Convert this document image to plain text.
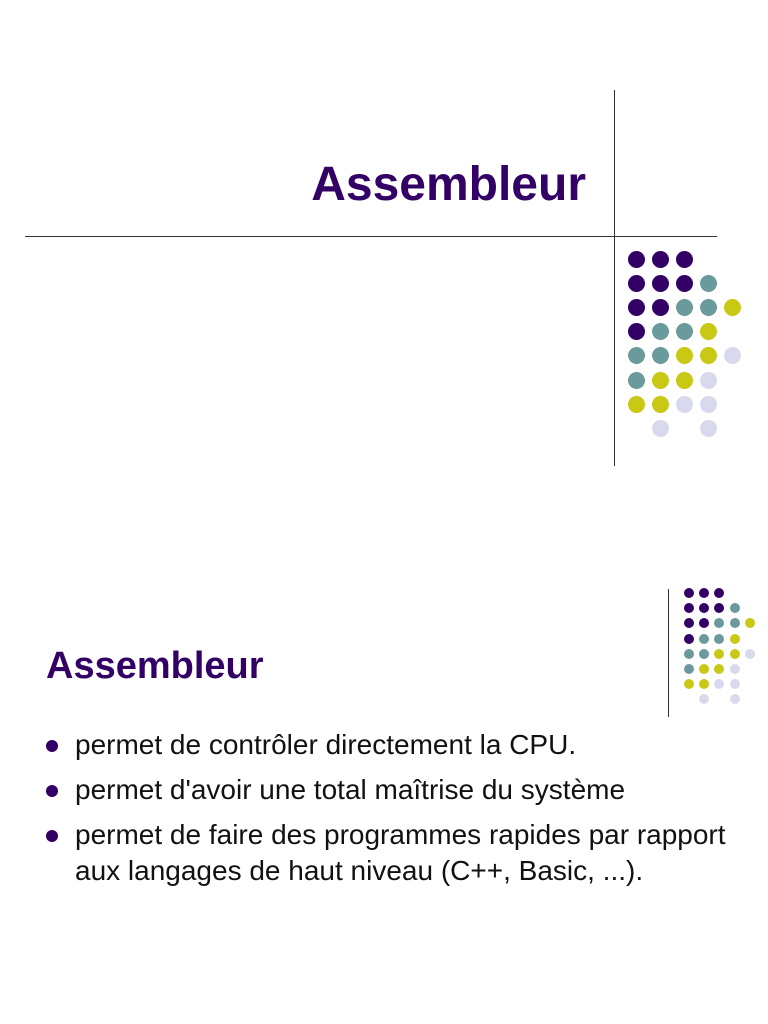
Assembleur
Assembleur
permet de contrôler directement la CPU.
permet d'avoir une total maîtrise du système
permet de faire des programmes rapides par rapport aux langages de haut niveau (C++, Basic, ...).
